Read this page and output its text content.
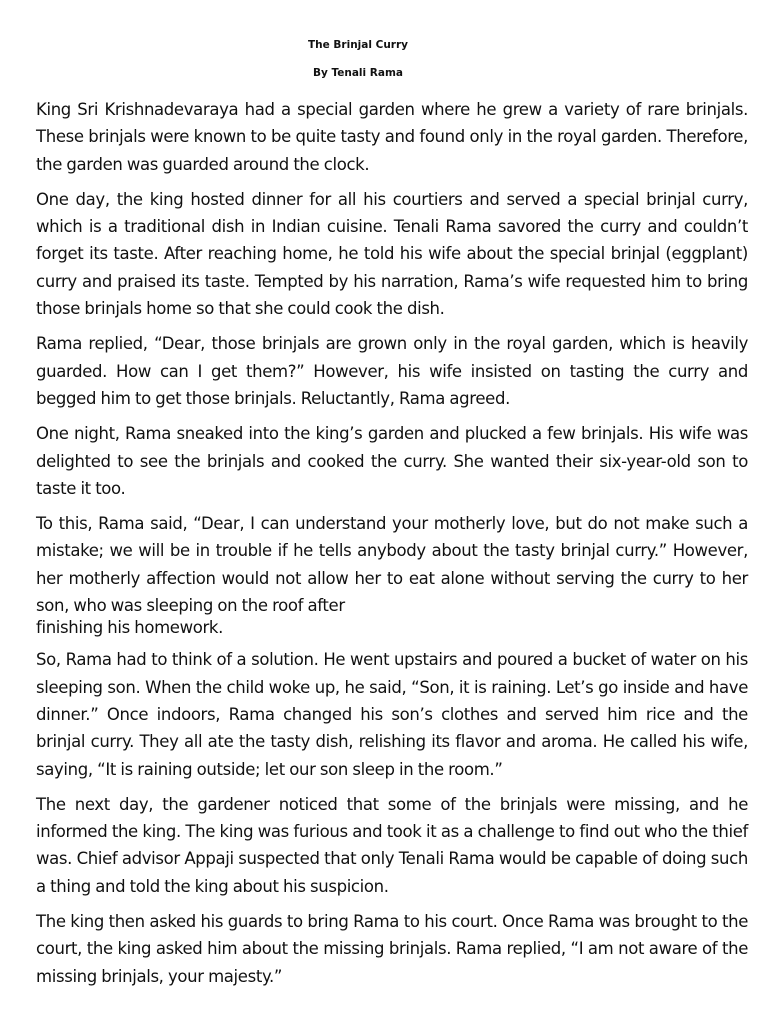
The Brinjal Curry

By Tenali Rama

King Sri Krishnadevaraya had a special garden where he grew a variety of rare brinjals. These brinjals were known to be quite tasty and found only in the royal garden. Therefore, the garden was guarded around the clock.

One day, the king hosted dinner for all his courtiers and served a special brinjal curry, which is a traditional dish in Indian cuisine. Tenali Rama savored the curry and couldn’t forget its taste. After reaching home, he told his wife about the special brinjal (eggplant) curry and praised its taste. Tempted by his narration, Rama’s wife requested him to bring those brinjals home so that she could cook the dish.

Rama replied, “Dear, those brinjals are grown only in the royal garden, which is heavily guarded. How can I get them?” However, his wife insisted on tasting the curry and begged him to get those brinjals. Reluctantly, Rama agreed.

One night, Rama sneaked into the king’s garden and plucked a few brinjals. His wife was delighted to see the brinjals and cooked the curry. She wanted their six-year-old son to taste it too.

To this, Rama said, “Dear, I can understand your motherly love, but do not make such a mistake; we will be in trouble if he tells anybody about the tasty brinjal curry.” However, her motherly affection would not allow her to eat alone without serving the curry to her son, who was sleeping on the roof after
finishing his homework.

So, Rama had to think of a solution. He went upstairs and poured a bucket of water on his sleeping son. When the child woke up, he said, “Son, it is raining. Let’s go inside and have dinner.” Once indoors, Rama changed his son’s clothes and served him rice and the brinjal curry. They all ate the tasty dish, relishing its flavor and aroma. He called his wife, saying, “It is raining outside; let our son sleep in the room.”

The next day, the gardener noticed that some of the brinjals were missing, and he informed the king. The king was furious and took it as a challenge to find out who the thief was. Chief advisor Appaji suspected that only Tenali Rama would be capable of doing such a thing and told the king about his suspicion.

The king then asked his guards to bring Rama to his court. Once Rama was brought to the court, the king asked him about the missing brinjals. Rama replied, “I am not aware of the missing brinjals, your majesty.”
